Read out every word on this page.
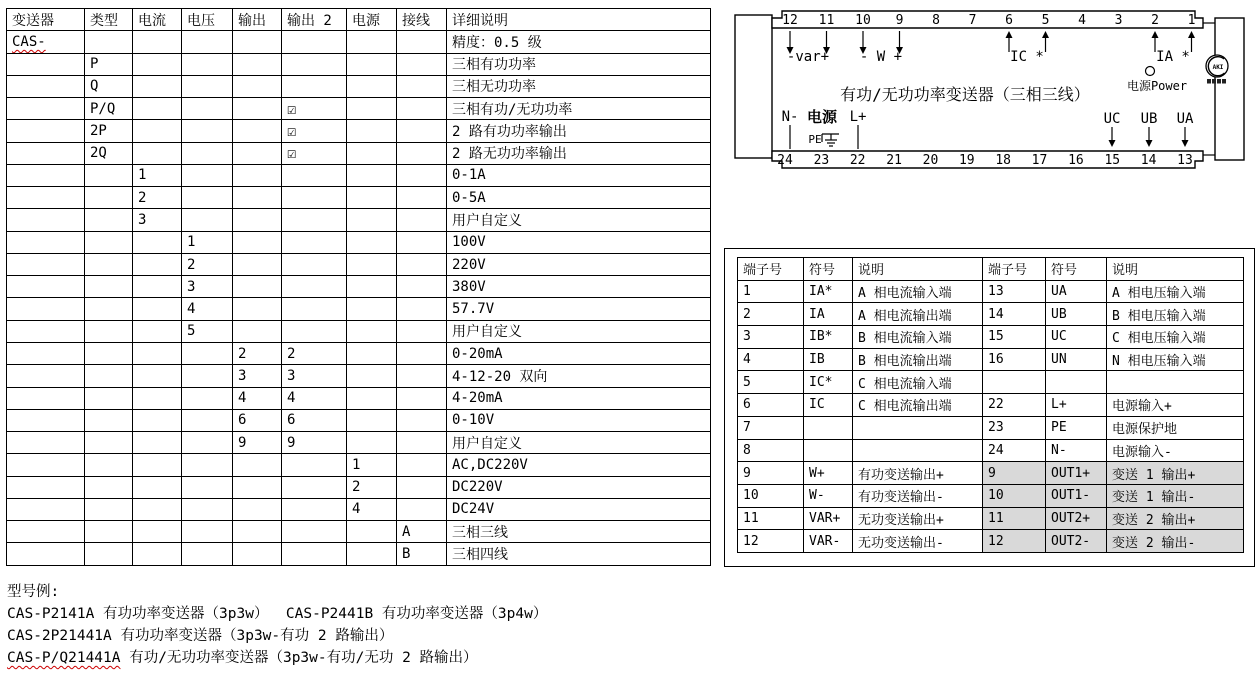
变送器	类型	电流	电压	输出	输出 2	电源	接线	详细说明
CAS-								精度：0.5 级
	P							三相有功功率
	Q							三相无功功率
	P/Q				☑			三相有功/无功功率
	2P				☑			2 路有功功率输出
	2Q				☑			2 路无功功率输出
		1						0-1A
		2						0-5A
		3						用户自定义
			1					100V
			2					220V
			3					380V
			4					57.7V
			5					用户自定义
				2	2			0-20mA
				3	3			4-12-20 双向
				4	4			4-20mA
				6	6			0-10V
				9	9			用户自定义
						1		AC,DC220V
						2		DC220V
						4		DC24V
							A	三相三线
							B	三相四线
12 11 10 9 8 7 6 5 4 3 2 1
24 23 22 21 20 19 18 17 16 15 14 13
-var+ - W +	IC *	IA *
电源Power
AKI
有功/无功功率变送器（三相三线）
N- 电源 L+
PE
UC UB UA
端子号	符号	说明	端子号	符号	说明
1	IA*	A 相电流输入端	13	UA	A 相电压输入端
2	IA	A 相电流输出端	14	UB	B 相电压输入端
3	IB*	B 相电流输入端	15	UC	C 相电压输入端
4	IB	B 相电流输出端	16	UN	N 相电压输入端
5	IC*	C 相电流输入端			
6	IC	C 相电流输出端	22	L+	电源输入+
7			23	PE	电源保护地
8			24	N-	电源输入-
9	W+	有功变送输出+	9	OUT1+	变送 1 输出+
10	W-	有功变送输出-	10	OUT1-	变送 1 输出-
11	VAR+	无功变送输出+	11	OUT2+	变送 2 输出+
12	VAR-	无功变送输出-	12	OUT2-	变送 2 输出-
型号例:
CAS-P2141A 有功功率变送器（3p3w）  CAS-P2441B 有功功率变送器（3p4w）
CAS-2P21441A 有功功率变送器（3p3w-有功 2 路输出）
CAS-P/Q21441A 有功/无功功率变送器（3p3w-有功/无功 2 路输出）
